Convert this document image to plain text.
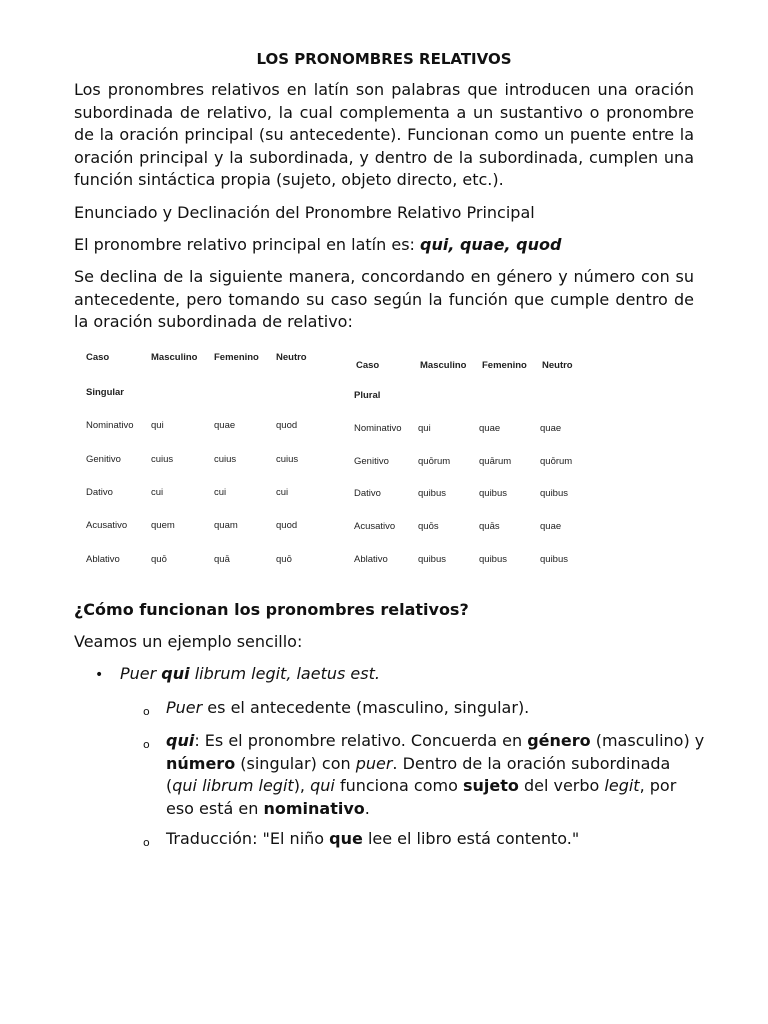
LOS PRONOMBRES RELATIVOS

Los pronombres relativos en latín son palabras que introducen una oración subordinada de relativo, la cual complementa a un sustantivo o pronombre de la oración principal (su antecedente). Funcionan como un puente entre la oración principal y la subordinada, y dentro de la subordinada, cumplen una función sintáctica propia (sujeto, objeto directo, etc.).

Enunciado y Declinación del Pronombre Relativo Principal

El pronombre relativo principal en latín es: qui, quae, quod

Se declina de la siguiente manera, concordando en género y número con su antecedente, pero tomando su caso según la función que cumple dentro de la oración subordinada de relativo:

Caso	Masculino Femenino Neutro
Singular
Nominativo qui	quae	quod
Genitivo	cuius	cuius	cuius
Dativo	cui	cui	cui
Acusativo	quem	quam	quod
Ablativo	quō	quā	quō
Caso	Masculino Femenino Neutro
Plural
Nominativo qui	quae	quae
Genitivo	quōrum	quārum	quōrum
Dativo	quibus	quibus	quibus
Acusativo quōs	quās	quae
Ablativo	quibus	quibus	quibus
¿Cómo funcionan los pronombres relativos?
Veamos un ejemplo sencillo:
• Puer qui librum legit, laetus est.
o Puer es el antecedente (masculino, singular).
o qui: Es el pronombre relativo. Concuerda en género (masculino) y número (singular) con puer. Dentro de la oración subordinada (qui librum legit), qui funciona como sujeto del verbo legit, por eso está en nominativo.
o Traducción: "El niño que lee el libro está contento."
